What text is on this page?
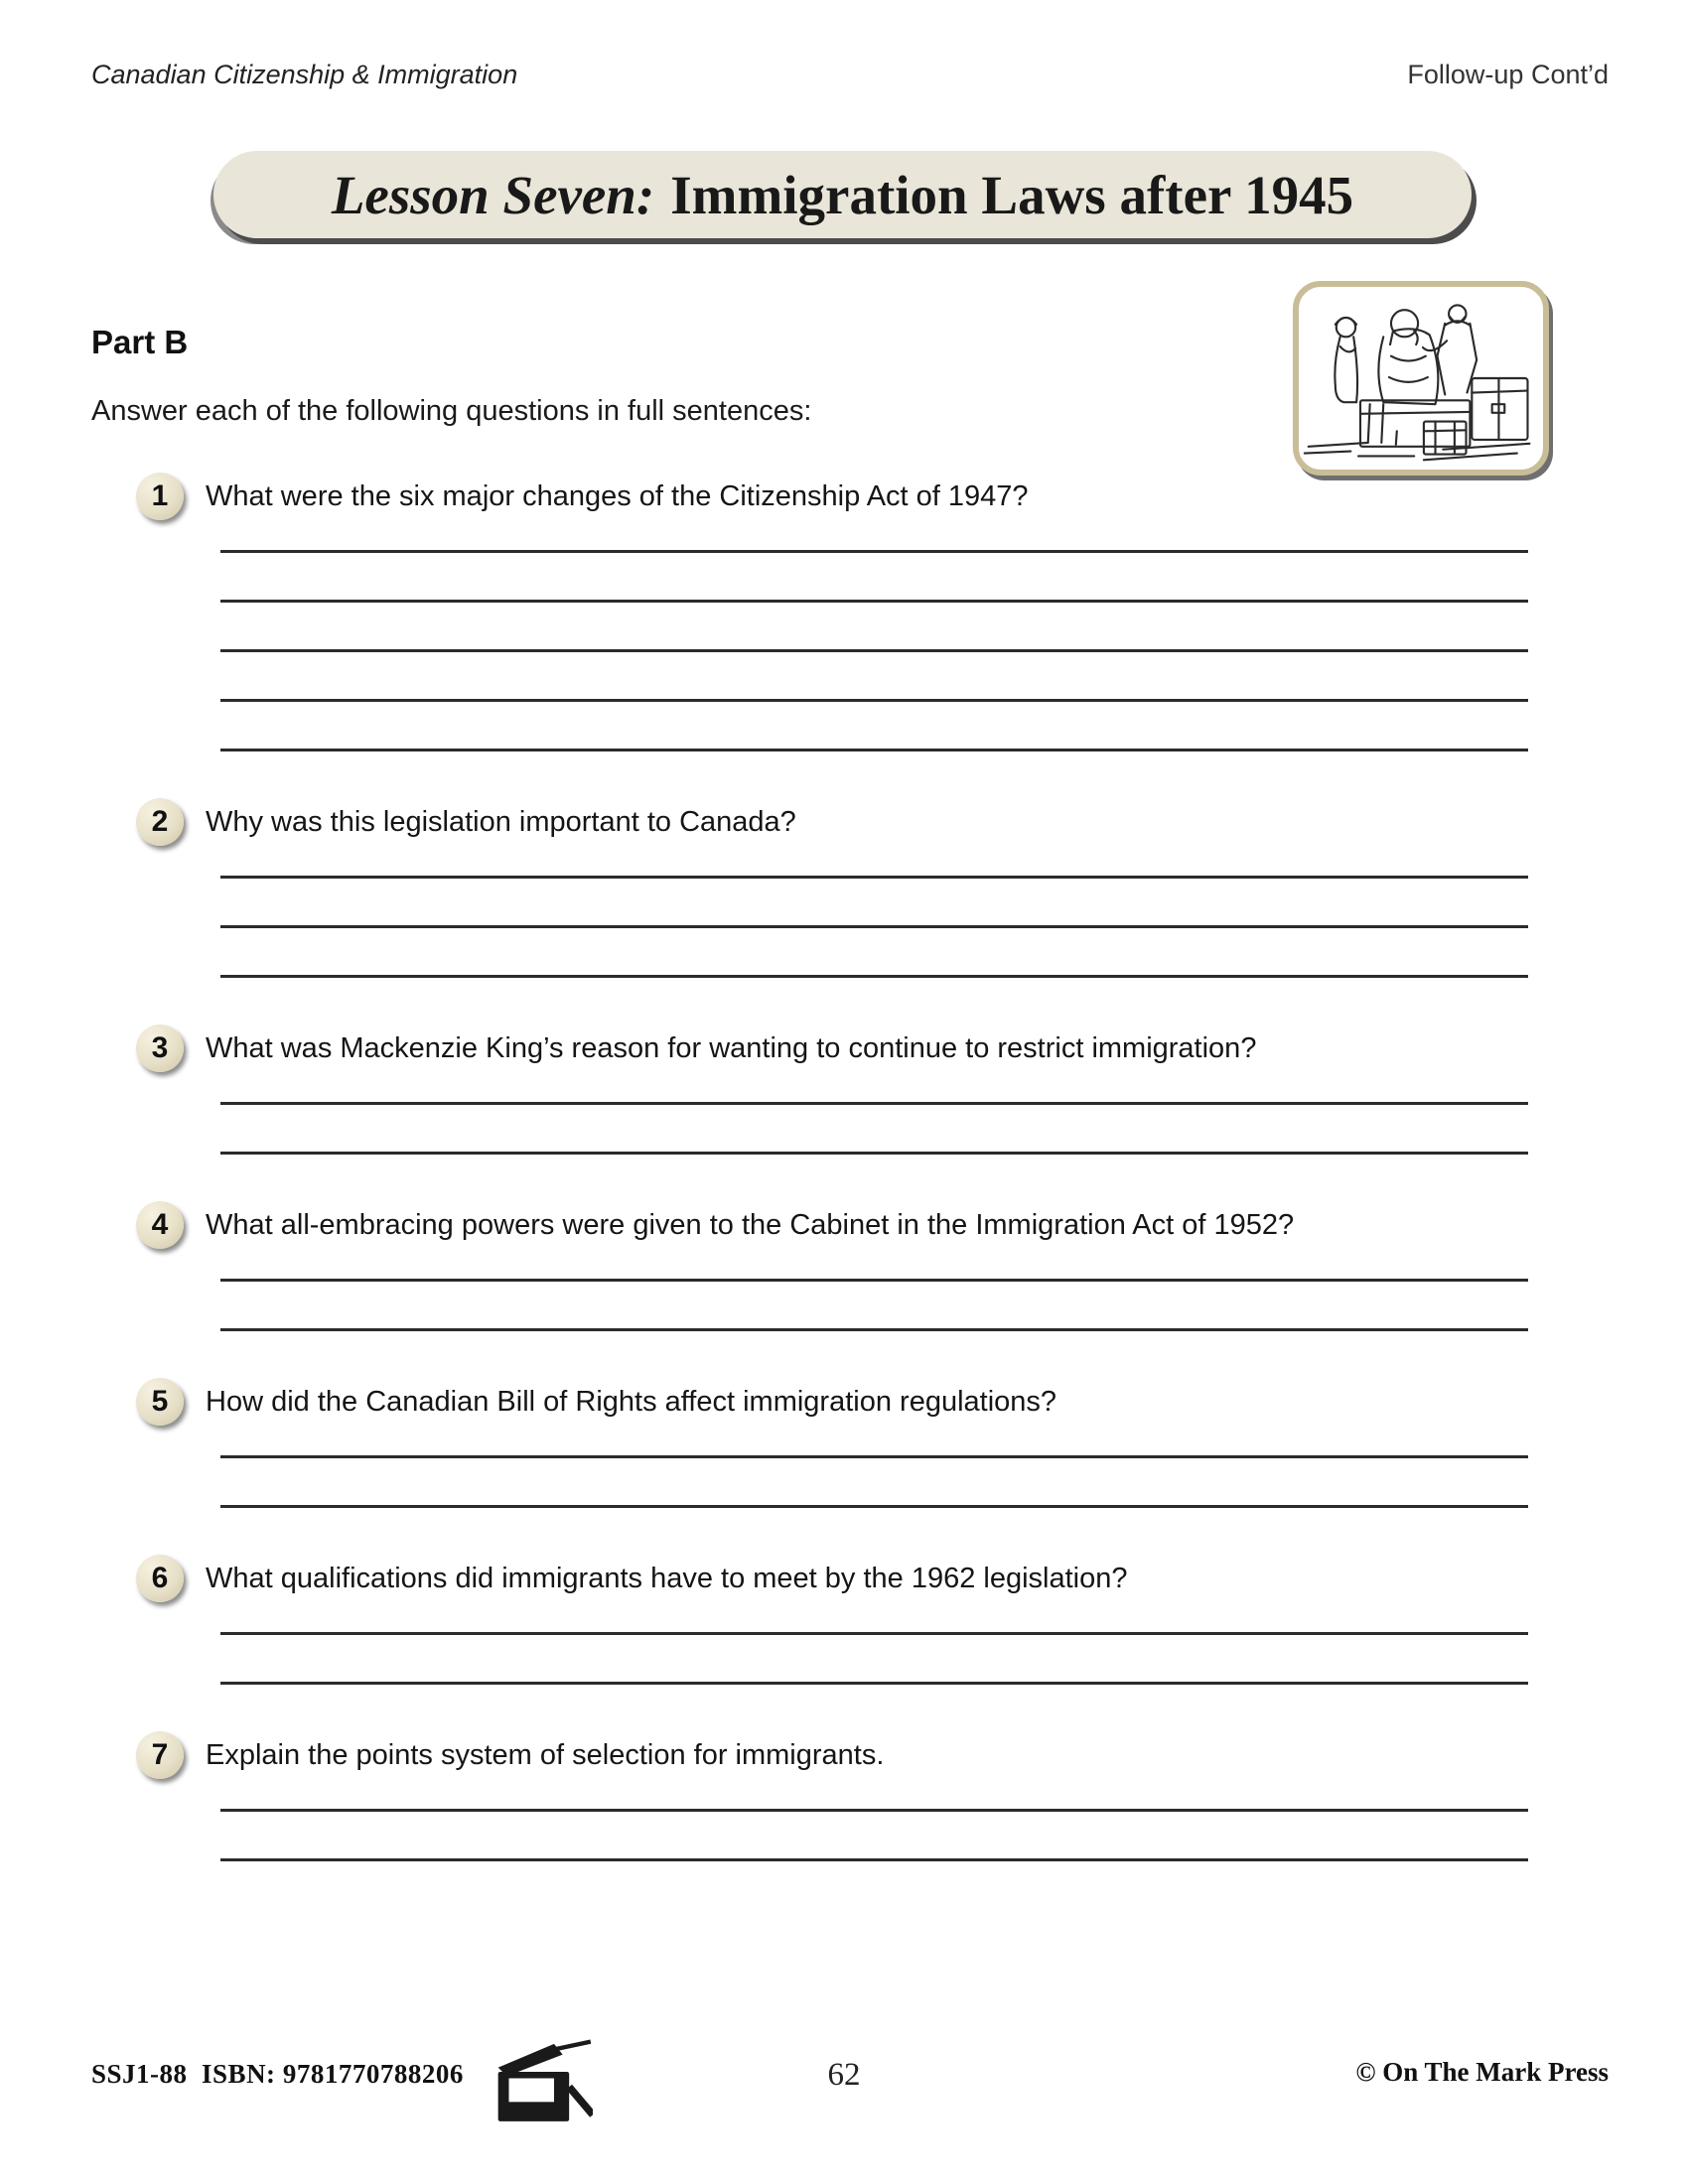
Canadian Citizenship & Immigration	Follow-up Cont’d
Lesson Seven: Immigration Laws after 1945
Part B
Answer each of the following questions in full sentences:
1 What were the six major changes of the Citizenship Act of 1947?
2 Why was this legislation important to Canada?
3 What was Mackenzie King’s reason for wanting to continue to restrict immigration?
4 What all-embracing powers were given to the Cabinet in the Immigration Act of 1952?
5 How did the Canadian Bill of Rights affect immigration regulations?
6 What qualifications did immigrants have to meet by the 1962 legislation?
7 Explain the points system of selection for immigrants.
SSJ1-88 ISBN: 9781770788206	62	© On The Mark Press
